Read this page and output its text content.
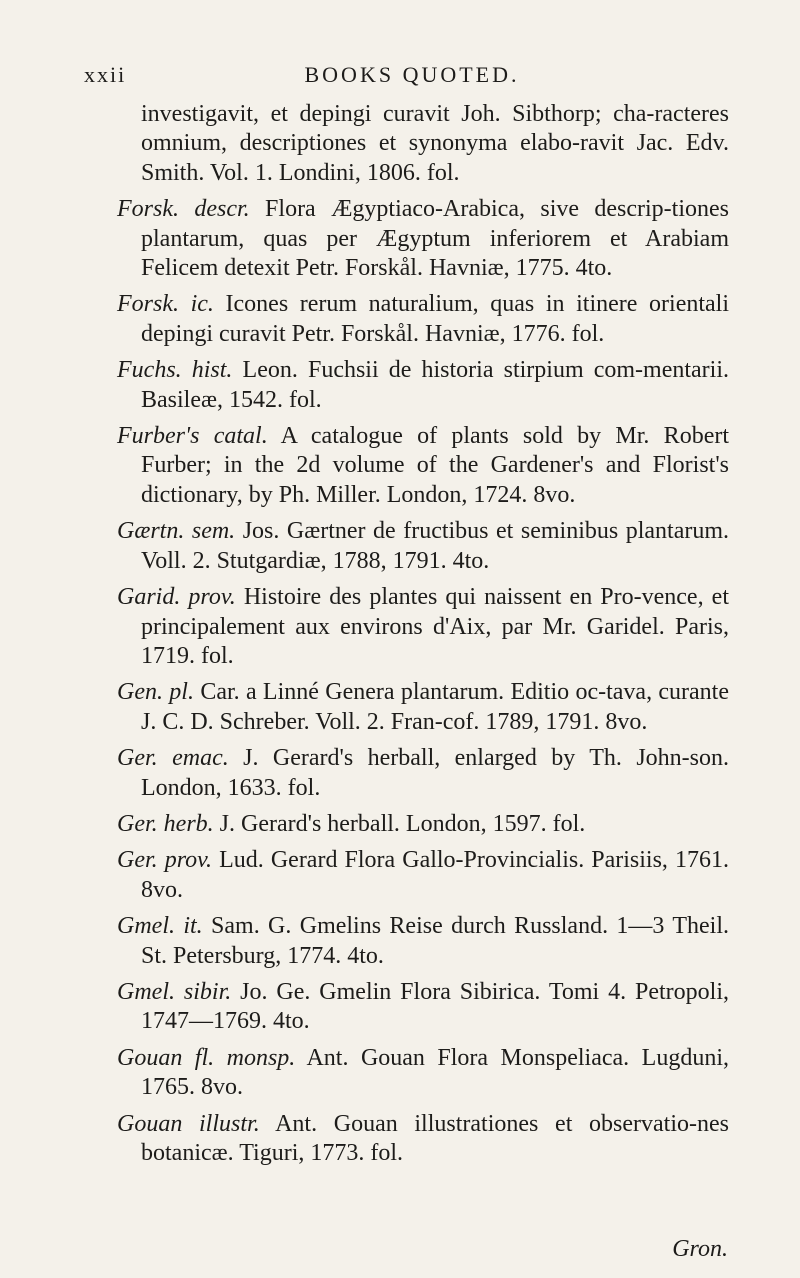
xxii	BOOKS QUOTED.

investigavit, et depingi curavit Joh. Sibthorp; cha-racteres omnium, descriptiones et synonyma elabo-ravit Jac. Edv. Smith. Vol. 1. Londini, 1806. fol.

Forsk. descr. Flora Ægyptiaco-Arabica, sive descrip-tiones plantarum, quas per Ægyptum inferiorem et Arabiam Felicem detexit Petr. Forskål. Havniæ, 1775. 4to.

Forsk. ic. Icones rerum naturalium, quas in itinere orientali depingi curavit Petr. Forskål. Havniæ, 1776. fol.

Fuchs. hist. Leon. Fuchsii de historia stirpium com-mentarii. Basileæ, 1542. fol.

Furber's catal. A catalogue of plants sold by Mr. Robert Furber; in the 2d volume of the Gardener's and Florist's dictionary, by Ph. Miller. London, 1724. 8vo.

Gærtn. sem. Jos. Gærtner de fructibus et seminibus plantarum. Voll. 2. Stutgardiæ, 1788, 1791. 4to.

Garid. prov. Histoire des plantes qui naissent en Pro-vence, et principalement aux environs d'Aix, par Mr. Garidel. Paris, 1719. fol.

Gen. pl. Car. a Linné Genera plantarum. Editio oc-tava, curante J. C. D. Schreber. Voll. 2. Fran-cof. 1789, 1791. 8vo.

Ger. emac. J. Gerard's herball, enlarged by Th. John-son. London, 1633. fol.

Ger. herb. J. Gerard's herball. London, 1597. fol.

Ger. prov. Lud. Gerard Flora Gallo-Provincialis. Parisiis, 1761. 8vo.

Gmel. it. Sam. G. Gmelins Reise durch Russland. 1—3 Theil. St. Petersburg, 1774. 4to.

Gmel. sibir. Jo. Ge. Gmelin Flora Sibirica. Tomi 4. Petropoli, 1747—1769. 4to.

Gouan fl. monsp. Ant. Gouan Flora Monspeliaca. Lugduni, 1765. 8vo.

Gouan illustr. Ant. Gouan illustrationes et observatio-nes botanicæ. Tiguri, 1773. fol.

Gron.
